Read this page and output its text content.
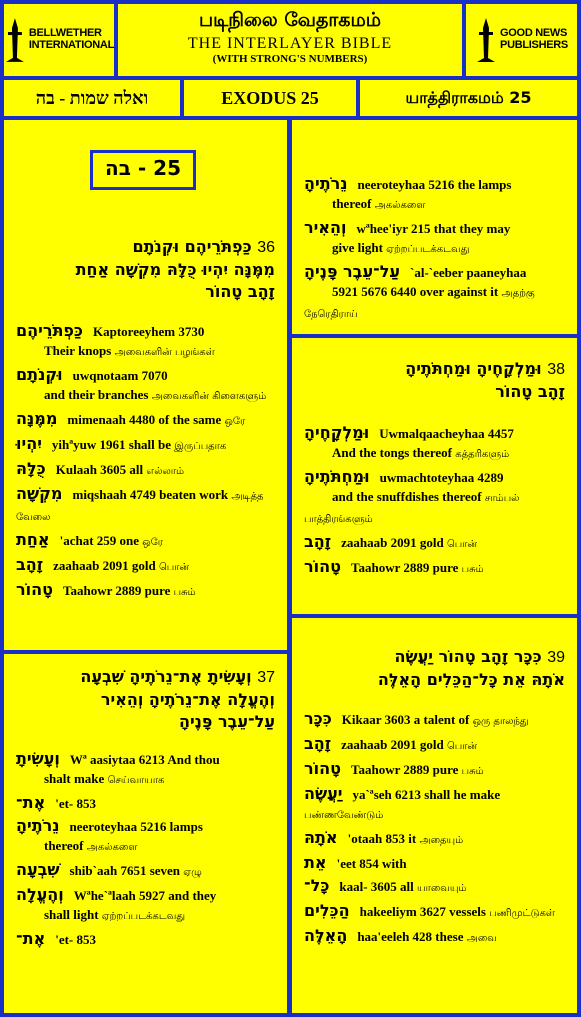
BELLWETHER
INTERNATIONAL
படிநிலை வேதாகமம்
THE INTERLAYER BIBLE
(WITH STRONG'S NUMBERS)
GOOD NEWS
PUBLISHERS
ואלה שמות - בה	EXODUS 25	யாத்திராகமம் 25
25 - בה
36 כַּפְתֹּרֵיהֶם וּקְנֹתָם
מִמֶּנָּה יִהְיוּ כֻּלָּהּ מִקְשָׁה אַחַת
זָהָב טָהוֹר
כַּפְתֹּרֵיהֶם Kaptoreeyhem 3730
Their knops அவைகளின் பழங்கள்
וּקְנֹתָם uwqnotaam 7070
and their branches அவைகளின் கிளைகளும்
מִמֶּנָּה mimenaah 4480 of the same ஒரே
יִהְיוּ yihªyuw 1961 shall be இருப்பதாக
כֻּלָּהּ Kulaah 3605 all எல்லாம்
מִקְשָׁה miqshaah 4749 beaten work அடித்த வேலை
אַחַת 'achat 259 one ஒரே
זָהָב zaahaab 2091 gold பொன்
טָהוֹר Taahowr 2889 pure பசும்
37 וְעָשִׂיתָ אֶת־נֵרֹתֶיהָ שִׁבְעָה
וְהֶעֱלָה אֶת־נֵרֹתֶיהָ וְהֵאִיר
עַל־עֵבֶר פָּנֶיהָ
וְעָשִׂיתָ Wª aasiytaa 6213 And thou
shalt make செய்வாயாக
אֶת־ 'et- 853
נֵרֹתֶיהָ neeroteyhaa 5216 lamps
thereof அகல்களை
שִׁבְעָה shib`aah 7651 seven ஏழு
וְהֶעֱלָה Wªhe`ªlaah 5927 and they
shall light ஏற்றப்படக்கடவது
אֶת־ 'et- 853
נֵרֹתֶיהָ neeroteyhaa 5216 the lamps
thereof அகல்களை
וְהֵאִיר wªhee'iyr 215 that they may
give light ஏற்றப்படக்கடவது
עַל־עֵבֶר פָּנֶיהָ `al-`eeber paaneyhaa
5921 5676 6440 over against it அதற்கு நேரெதிராய்
38 וּמַלְקָחֶיהָ וּמַחְתֹּתֶיהָ
זָהָב טָהוֹר
וּמַלְקָחֶיהָ Uwmalqaacheyhaa 4457
And the tongs thereof கத்தரிகளும்
וּמַחְתֹּתֶיהָ uwmachtoteyhaa 4289
and the snuffdishes thereof சாம்பல் பாத்திரங்களும்
זָהָב zaahaab 2091 gold பொன்
טָהוֹר Taahowr 2889 pure பசும்
39 כִּכָּר זָהָב טָהוֹר יַעֲשֶׂה
אֹתָהּ אֵת כָּל־הַכֵּלִים הָאֵלֶּה
כִּכָּר Kikaar 3603 a talent of ஒரு தாலந்து
זָהָב zaahaab 2091 gold பொன்
טָהוֹר Taahowr 2889 pure பசும்
יַעֲשֶׂה ya`ªseh 6213 shall he make பண்ணவேண்டும்
אֹתָהּ 'otaah 853 it அதையும்
אֵת 'eet 854 with
כָּל־ kaal- 3605 all யாவையும்
הַכֵּלִים hakeeliym 3627 vessels பணிமுட்டுகள்
הָאֵלֶּה haa'eeleh 428 these அவை
